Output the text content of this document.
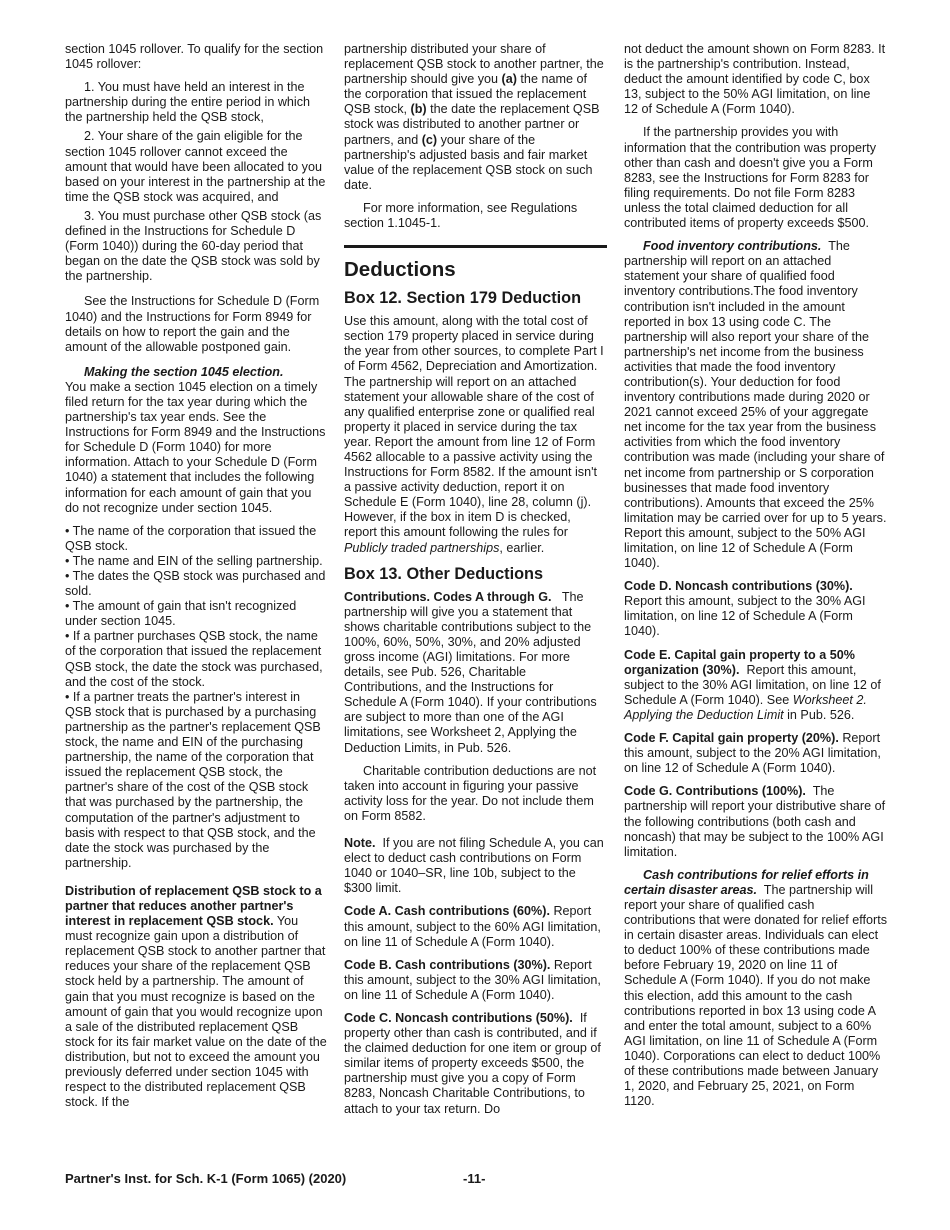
section 1045 rollover. To qualify for the section 1045 rollover:

1. You must have held an interest in the partnership during the entire period in which the partnership held the QSB stock,

2. Your share of the gain eligible for the section 1045 rollover cannot exceed the amount that would have been allocated to you based on your interest in the partnership at the time the QSB stock was acquired, and

3. You must purchase other QSB stock (as defined in the Instructions for Schedule D (Form 1040)) during the 60-day period that began on the date the QSB stock was sold by the partnership.

See the Instructions for Schedule D (Form 1040) and the Instructions for Form 8949 for details on how to report the gain and the amount of the allowable postponed gain.

Making the section 1045 election.

You make a section 1045 election on a timely filed return for the tax year during which the partnership's tax year ends. See the Instructions for Form 8949 and the Instructions for Schedule D (Form 1040) for more information. Attach to your Schedule D (Form 1040) a statement that includes the following information for each amount of gain that you do not recognize under section 1045.

• The name of the corporation that issued the QSB stock.

• The name and EIN of the selling partnership.

• The dates the QSB stock was purchased and sold.

• The amount of gain that isn't recognized under section 1045.

• If a partner purchases QSB stock, the name of the corporation that issued the replacement QSB stock, the date the stock was purchased, and the cost of the stock.

• If a partner treats the partner's interest in QSB stock that is purchased by a purchasing partnership as the partner's replacement QSB stock, the name and EIN of the purchasing partnership, the name of the corporation that issued the replacement QSB stock, the partner's share of the cost of the QSB stock that was purchased by the partnership, the computation of the partner's adjustment to basis with respect to that QSB stock, and the date the stock was purchased by the partnership.

Distribution of replacement QSB stock to a partner that reduces another partner's interest in replacement QSB stock. You must recognize gain upon a distribution of replacement QSB stock to another partner that reduces your share of the replacement QSB stock held by a partnership. The amount of gain that you must recognize is based on the amount of gain that you would recognize upon a sale of the distributed replacement QSB stock for its fair market value on the date of the distribution, but not to exceed the amount you previously deferred under section 1045 with respect to the distributed replacement QSB stock. If the

partnership distributed your share of replacement QSB stock to another partner, the partnership should give you (a) the name of the corporation that issued the replacement QSB stock, (b) the date the replacement QSB stock was distributed to another partner or partners, and (c) your share of the partnership's adjusted basis and fair market value of the replacement QSB stock on such date.

For more information, see Regulations section 1.1045-1.

Deductions
Box 12. Section 179 Deduction

Use this amount, along with the total cost of section 179 property placed in service during the year from other sources, to complete Part I of Form 4562, Depreciation and Amortization. The partnership will report on an attached statement your allowable share of the cost of any qualified enterprise zone or qualified real property it placed in service during the tax year. Report the amount from line 12 of Form 4562 allocable to a passive activity using the Instructions for Form 8582. If the amount isn't a passive activity deduction, report it on Schedule E (Form 1040), line 28, column (j). However, if the box in item D is checked, report this amount following the rules for Publicly traded partnerships, earlier.

Box 13. Other Deductions

Contributions. Codes A through G. The partnership will give you a statement that shows charitable contributions subject to the 100%, 60%, 50%, 30%, and 20% adjusted gross income (AGI) limitations. For more details, see Pub. 526, Charitable Contributions, and the Instructions for Schedule A (Form 1040). If your contributions are subject to more than one of the AGI limitations, see Worksheet 2, Applying the Deduction Limits, in Pub. 526.

Charitable contribution deductions are not taken into account in figuring your passive activity loss for the year. Do not include them on Form 8582.

Note. If you are not filing Schedule A, you can elect to deduct cash contributions on Form 1040 or 1040–SR, line 10b, subject to the $300 limit.

Code A. Cash contributions (60%). Report this amount, subject to the 60% AGI limitation, on line 11 of Schedule A (Form 1040).

Code B. Cash contributions (30%). Report this amount, subject to the 30% AGI limitation, on line 11 of Schedule A (Form 1040).

Code C. Noncash contributions (50%). If property other than cash is contributed, and if the claimed deduction for one item or group of similar items of property exceeds $500, the partnership must give you a copy of Form 8283, Noncash Charitable Contributions, to attach to your tax return. Do

not deduct the amount shown on Form 8283. It is the partnership's contribution. Instead, deduct the amount identified by code C, box 13, subject to the 50% AGI limitation, on line 12 of Schedule A (Form 1040).

If the partnership provides you with information that the contribution was property other than cash and doesn't give you a Form 8283, see the Instructions for Form 8283 for filing requirements. Do not file Form 8283 unless the total claimed deduction for all contributed items of property exceeds $500.

Food inventory contributions. The partnership will report on an attached statement your share of qualified food inventory contributions.The food inventory contribution isn't included in the amount reported in box 13 using code C. The partnership will also report your share of the partnership's net income from the business activities that made the food inventory contribution(s). Your deduction for food inventory contributions made during 2020 or 2021 cannot exceed 25% of your aggregate net income for the tax year from the business activities from which the food inventory contribution was made (including your share of net income from partnership or S corporation businesses that made food inventory contributions). Amounts that exceed the 25% limitation may be carried over for up to 5 years. Report this amount, subject to the 50% AGI limitation, on line 12 of Schedule A (Form 1040).

Code D. Noncash contributions (30%). Report this amount, subject to the 30% AGI limitation, on line 12 of Schedule A (Form 1040).

Code E. Capital gain property to a 50% organization (30%). Report this amount, subject to the 30% AGI limitation, on line 12 of Schedule A (Form 1040). See Worksheet 2. Applying the Deduction Limit in Pub. 526.

Code F. Capital gain property (20%). Report this amount, subject to the 20% AGI limitation, on line 12 of Schedule A (Form 1040).

Code G. Contributions (100%). The partnership will report your distributive share of the following contributions (both cash and noncash) that may be subject to the 100% AGI limitation.

Cash contributions for relief efforts in certain disaster areas. The partnership will report your share of qualified cash contributions that were donated for relief efforts in certain disaster areas. Individuals can elect to deduct 100% of these contributions made before February 19, 2020 on line 11 of Schedule A (Form 1040). If you do not make this election, add this amount to the cash contributions reported in box 13 using code A and enter the total amount, subject to a 60% AGI limitation, on line 11 of Schedule A (Form 1040). Corporations can elect to deduct 100% of these contributions made between January 1, 2020, and February 25, 2021, on Form 1120.

Partner's Inst. for Sch. K-1 (Form 1065) (2020)	-11-
